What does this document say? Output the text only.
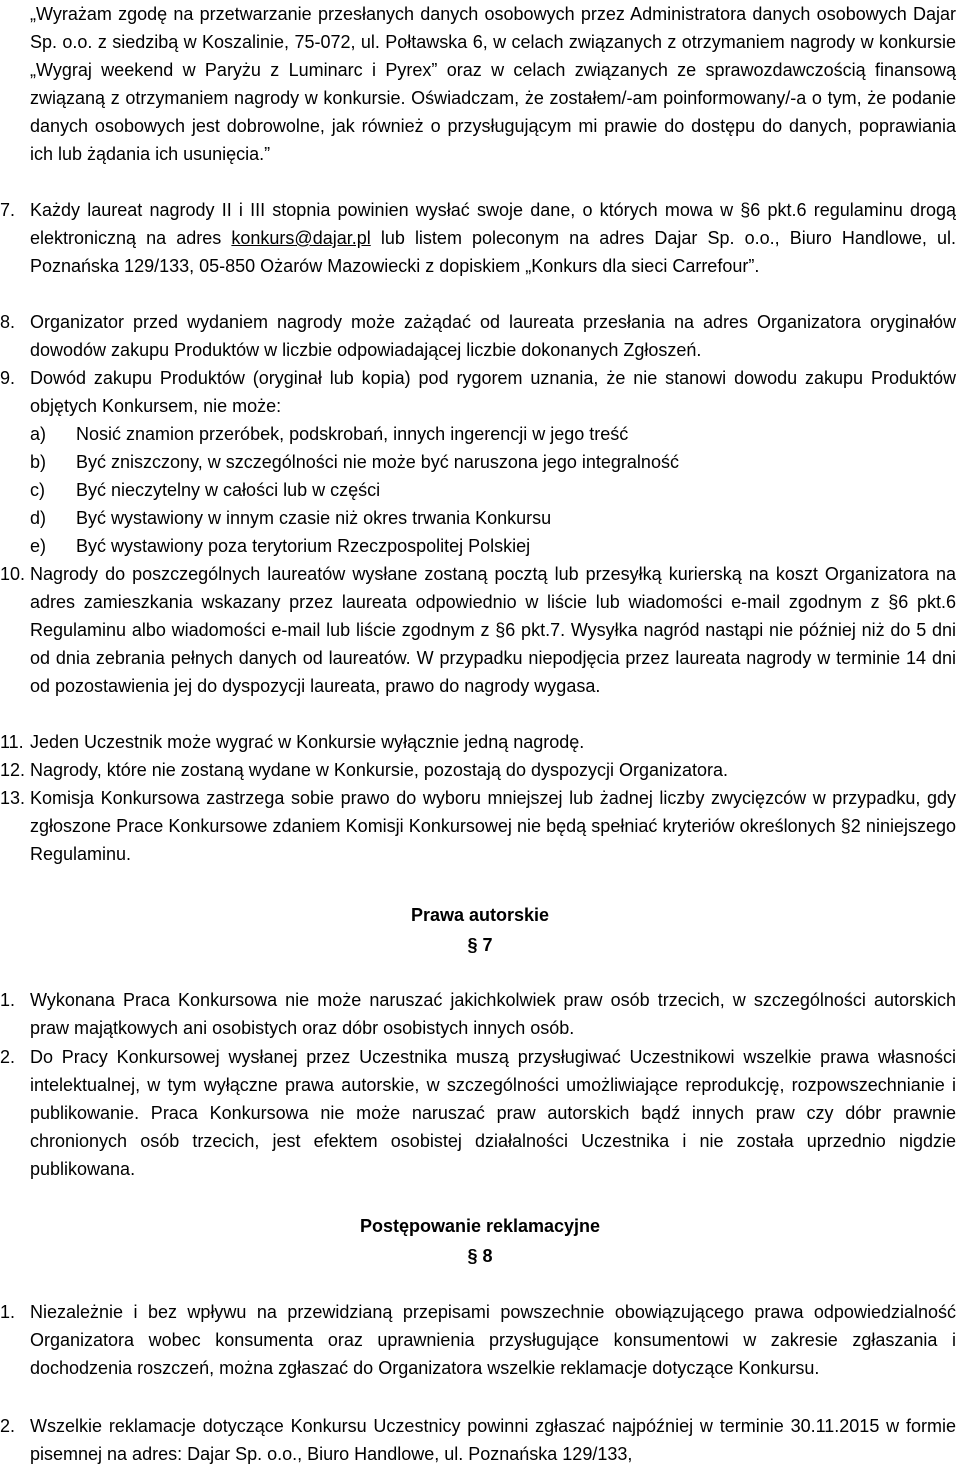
„Wyrażam zgodę na przetwarzanie przesłanych danych osobowych przez Administratora danych osobowych Dajar Sp. o.o. z siedzibą w Koszalinie, 75-072, ul. Połtawska 6, w celach związanych z otrzymaniem nagrody w konkursie „Wygraj weekend w Paryżu z Luminarc i Pyrex” oraz w celach związanych ze sprawozdawczością finansową związaną z otrzymaniem nagrody w konkursie. Oświadczam, że zostałem/-am poinformowany/-a o tym, że podanie danych osobowych jest dobrowolne, jak również o przysługującym mi prawie do dostępu do danych, poprawiania ich lub żądania ich usunięcia.”
7. Każdy laureat nagrody II i III stopnia powinien wysłać swoje dane, o których mowa w §6 pkt.6 regulaminu drogą elektroniczną na adres konkurs@dajar.pl lub listem poleconym na adres Dajar Sp. o.o., Biuro Handlowe, ul. Poznańska 129/133, 05-850 Ożarów Mazowiecki z dopiskiem „Konkurs dla sieci Carrefour”.
8. Organizator przed wydaniem nagrody może zażądać od laureata przesłania na adres Organizatora oryginałów dowodów zakupu Produktów w liczbie odpowiadającej liczbie dokonanych Zgłoszeń.
9. Dowód zakupu Produktów (oryginał lub kopia) pod rygorem uznania, że nie stanowi dowodu zakupu Produktów objętych Konkursem, nie może:
a)	Nosić znamion przeróbek, podskrobań, innych ingerencji w jego treść
b)	Być zniszczony, w szczególności nie może być naruszona jego integralność
c)	Być nieczytelny w całości lub w części
d)	Być wystawiony w innym czasie niż okres trwania Konkursu
e)	Być wystawiony poza terytorium Rzeczpospolitej Polskiej
10. Nagrody do poszczególnych laureatów wysłane zostaną pocztą lub przesyłką kurierską na koszt Organizatora na adres zamieszkania wskazany przez laureata odpowiednio w liście lub wiadomości e-mail zgodnym z §6 pkt.6 Regulaminu albo wiadomości e-mail lub liście zgodnym z §6 pkt.7. Wysyłka nagród nastąpi nie później niż do 5 dni od dnia zebrania pełnych danych od laureatów. W przypadku niepodjęcia przez laureata nagrody w terminie 14 dni od pozostawienia jej do dyspozycji laureata, prawo do nagrody wygasa.
11. Jeden Uczestnik może wygrać w Konkursie wyłącznie jedną nagrodę.
12. Nagrody, które nie zostaną wydane w Konkursie, pozostają do dyspozycji Organizatora.
13. Komisja Konkursowa zastrzega sobie prawo do wyboru mniejszej lub żadnej liczby zwycięzców w przypadku, gdy zgłoszone Prace Konkursowe zdaniem Komisji Konkursowej nie będą spełniać kryteriów określonych §2 niniejszego Regulaminu.
Prawa autorskie
§ 7
1. Wykonana Praca Konkursowa nie może naruszać jakichkolwiek praw osób trzecich, w szczególności autorskich praw majątkowych ani osobistych oraz dóbr osobistych innych osób.
2. Do Pracy Konkursowej wysłanej przez Uczestnika muszą przysługiwać Uczestnikowi wszelkie prawa własności intelektualnej, w tym wyłączne prawa autorskie, w szczególności umożliwiające reprodukcję, rozpowszechnianie i publikowanie. Praca Konkursowa nie może naruszać praw autorskich bądź innych praw czy dóbr prawnie chronionych osób trzecich, jest efektem osobistej działalności Uczestnika i nie została uprzednio nigdzie publikowana.
Postępowanie reklamacyjne
§ 8
1. Niezależnie i bez wpływu na przewidzianą przepisami powszechnie obowiązującego prawa odpowiedzialność Organizatora wobec konsumenta oraz uprawnienia przysługujące konsumentowi w zakresie zgłaszania i dochodzenia roszczeń, można zgłaszać do Organizatora wszelkie reklamacje dotyczące Konkursu.
2. Wszelkie reklamacje dotyczące Konkursu Uczestnicy powinni zgłaszać najpóźniej w terminie 30.11.2015 w formie pisemnej na adres: Dajar Sp. o.o., Biuro Handlowe, ul. Poznańska 129/133,
